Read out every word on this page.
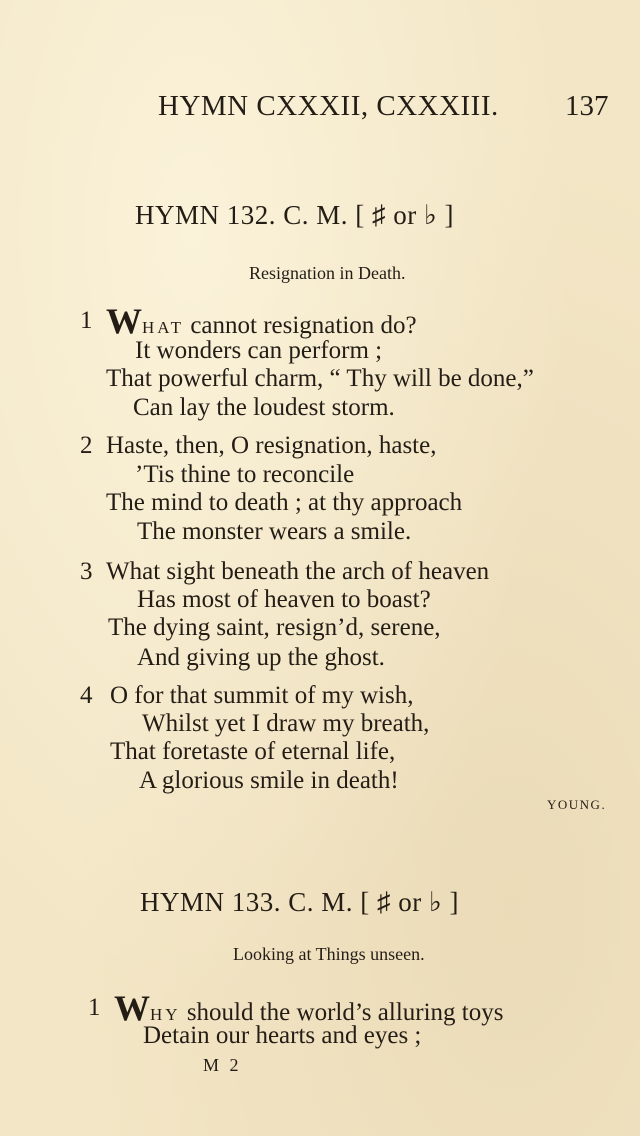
HYMN CXXXII, CXXXIII. 137
HYMN 132. C. M. [ ♯ or ♭ ]
Resignation in Death.
1 WHAT cannot resignation do?
It wonders can perform ;
That powerful charm, “ Thy will be done,”
Can lay the loudest storm.
2 Haste, then, O resignation, haste,
’Tis thine to reconcile
The mind to death ; at thy approach
The monster wears a smile.
3 What sight beneath the arch of heaven
Has most of heaven to boast?
The dying saint, resign’d, serene,
And giving up the ghost.
4 O for that summit of my wish,
Whilst yet I draw my breath,
That foretaste of eternal life,
A glorious smile in death!
YOUNG.
HYMN 133. C. M. [ ♯ or ♭ ]
Looking at Things unseen.
1 WHY should the world’s alluring toys
Detain our hearts and eyes ;
M 2
